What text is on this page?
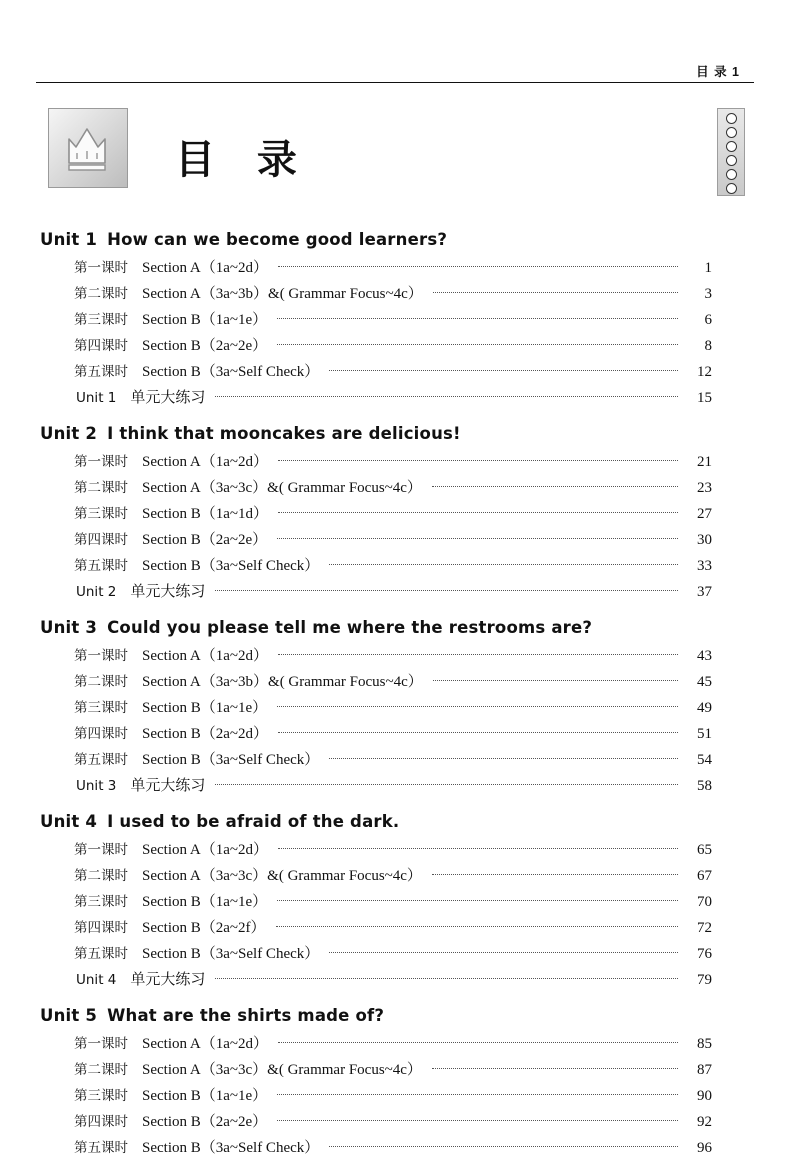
目 录 1
目 录
Unit 1 How can we become good learners?
第一课时 Section A（1a~2d）	1
第二课时 Section A（3a~3b）&( Grammar Focus~4c）	3
第三课时 Section B（1a~1e）	6
第四课时 Section B（2a~2e）	8
第五课时 Section B（3a~Self Check）	12
Unit 1 单元大练习	15
Unit 2 I think that mooncakes are delicious!
第一课时 Section A（1a~2d）	21
第二课时 Section A（3a~3c）&( Grammar Focus~4c）	23
第三课时 Section B（1a~1d）	27
第四课时 Section B（2a~2e）	30
第五课时 Section B（3a~Self Check）	33
Unit 2 单元大练习	37
Unit 3 Could you please tell me where the restrooms are?
第一课时 Section A（1a~2d）	43
第二课时 Section A（3a~3b）&( Grammar Focus~4c）	45
第三课时 Section B（1a~1e）	49
第四课时 Section B（2a~2d）	51
第五课时 Section B（3a~Self Check）	54
Unit 3 单元大练习	58
Unit 4 I used to be afraid of the dark.
第一课时 Section A（1a~2d）	65
第二课时 Section A（3a~3c）&( Grammar Focus~4c）	67
第三课时 Section B（1a~1e）	70
第四课时 Section B（2a~2f）	72
第五课时 Section B（3a~Self Check）	76
Unit 4 单元大练习	79
Unit 5 What are the shirts made of?
第一课时 Section A（1a~2d）	85
第二课时 Section A（3a~3c）&( Grammar Focus~4c）	87
第三课时 Section B（1a~1e）	90
第四课时 Section B（2a~2e）	92
第五课时 Section B（3a~Self Check）	96
